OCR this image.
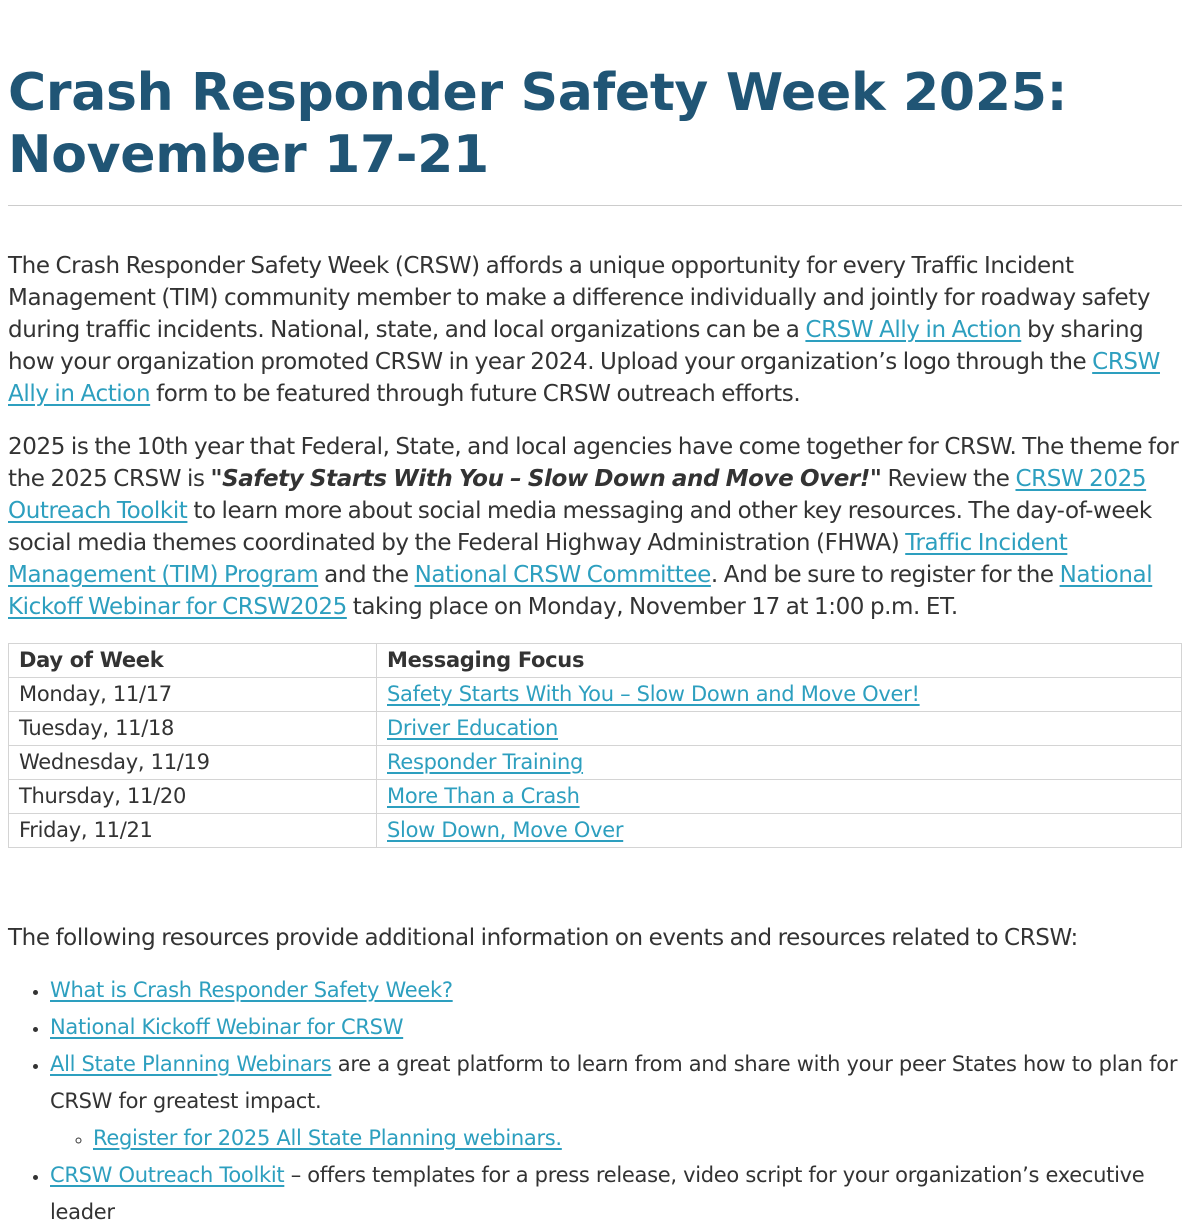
Crash Responder Safety Week 2025:
November 17-21

The Crash Responder Safety Week (CRSW) affords a unique opportunity for every Traffic Incident Management (TIM) community member to make a difference individually and jointly for roadway safety during traffic incidents. National, state, and local organizations can be a CRSW Ally in Action by sharing how your organization promoted CRSW in year 2024. Upload your organization’s logo through the CRSW Ally in Action form to be featured through future CRSW outreach efforts.

2025 is the 10th year that Federal, State, and local agencies have come together for CRSW. The theme for the 2025 CRSW is "Safety Starts With You – Slow Down and Move Over!" Review the CRSW 2025 Outreach Toolkit to learn more about social media messaging and other key resources. The day-of-week social media themes coordinated by the Federal Highway Administration (FHWA) Traffic Incident Management (TIM) Program and the National CRSW Committee. And be sure to register for the National Kickoff Webinar for CRSW2025 taking place on Monday, November 17 at 1:00 p.m. ET.

Day of Week	Messaging Focus
Monday, 11/17	Safety Starts With You – Slow Down and Move Over!
Tuesday, 11/18	Driver Education
Wednesday, 11/19	Responder Training
Thursday, 11/20	More Than a Crash
Friday, 11/21	Slow Down, Move Over

The following resources provide additional information on events and resources related to CRSW:

• What is Crash Responder Safety Week?
• National Kickoff Webinar for CRSW
• All State Planning Webinars are a great platform to learn from and share with your peer States how to plan for CRSW for greatest impact.
◦ Register for 2025 All State Planning webinars.
• CRSW Outreach Toolkit – offers templates for a press release, video script for your organization’s executive leader
